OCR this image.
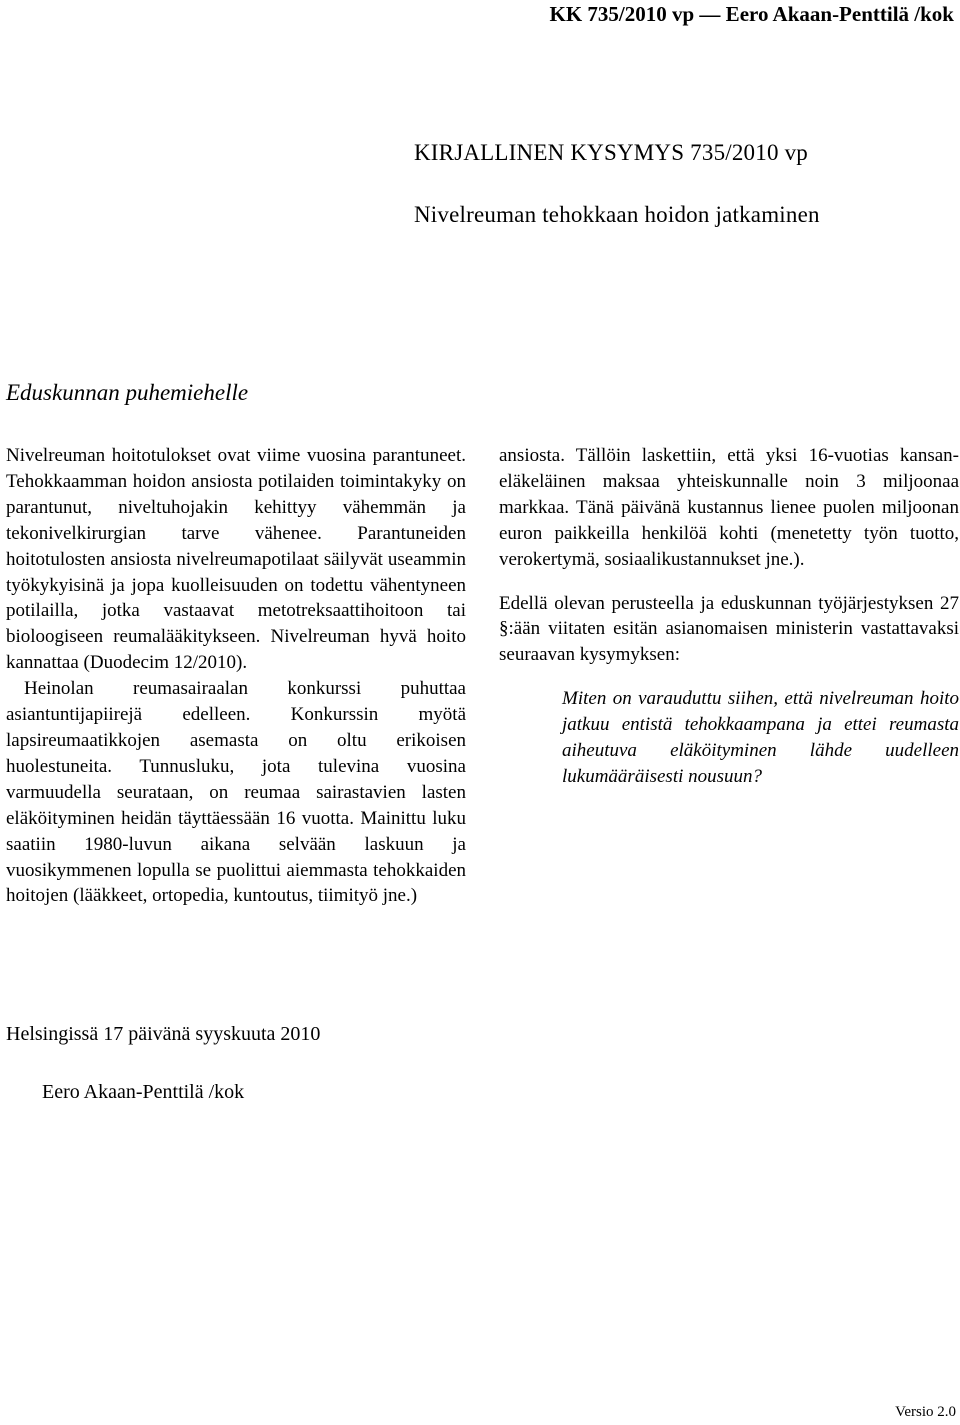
KK 735/2010 vp — Eero Akaan-Penttilä /kok
KIRJALLINEN KYSYMYS 735/2010 vp
Nivelreuman tehokkaan hoidon jatkaminen
Eduskunnan puhemiehelle

Nivelreuman hoitotulokset ovat viime vuosina parantuneet. Tehokkaamman hoidon ansiosta potilaiden toimintakyky on parantunut, niveltuhojakin kehittyy vähemmän ja tekonivelkirurgian tarve vähenee. Parantuneiden hoitotulosten ansiosta nivelreumapotilaat säilyvät useammin työkykyisinä ja jopa kuolleisuuden on todettu vähentyneen potilailla, jotka vastaavat metotreksaattihoitoon tai bioloogiseen reumalääkitykseen. Nivelreuman hyvä hoito kannattaa (Duodecim 12/2010).

Heinolan reumasairaalan konkurssi puhuttaa asiantuntijapiirejä edelleen. Konkurssin myötä lapsireumaatikkojen asemasta on oltu erikoisen huolestuneita. Tunnusluku, jota tulevina vuosina varmuudella seurataan, on reumaa sairastavien lasten eläköityminen heidän täyttäessään 16 vuotta. Mainittu luku saatiin 1980-luvun aikana selvään laskuun ja vuosikymmenen lopulla se puolittui aiemmasta tehokkaiden hoitojen (lääkkeet, ortopedia, kuntoutus, tiimityö jne.)

ansiosta. Tällöin laskettiin, että yksi 16-vuotias kansaneläkeläinen maksaa yhteiskunnalle noin 3 miljoonaa markkaa. Tänä päivänä kustannus lienee puolen miljoonan euron paikkeilla henkilöä kohti (menetetty työn tuotto, verokertymä, sosiaalikustannukset jne.).

Edellä olevan perusteella ja eduskunnan työjärjestyksen 27 §:ään viitaten esitän asianomaisen ministerin vastattavaksi seuraavan kysymyksen:

Miten on varauduttu siihen, että nivelreuman hoito jatkuu entistä tehokkaampana ja ettei reumasta aiheutuva eläköityminen lähde uudelleen lukumääräisesti nousuun?

Helsingissä 17 päivänä syyskuuta 2010
Eero Akaan-Penttilä /kok
Versio 2.0
